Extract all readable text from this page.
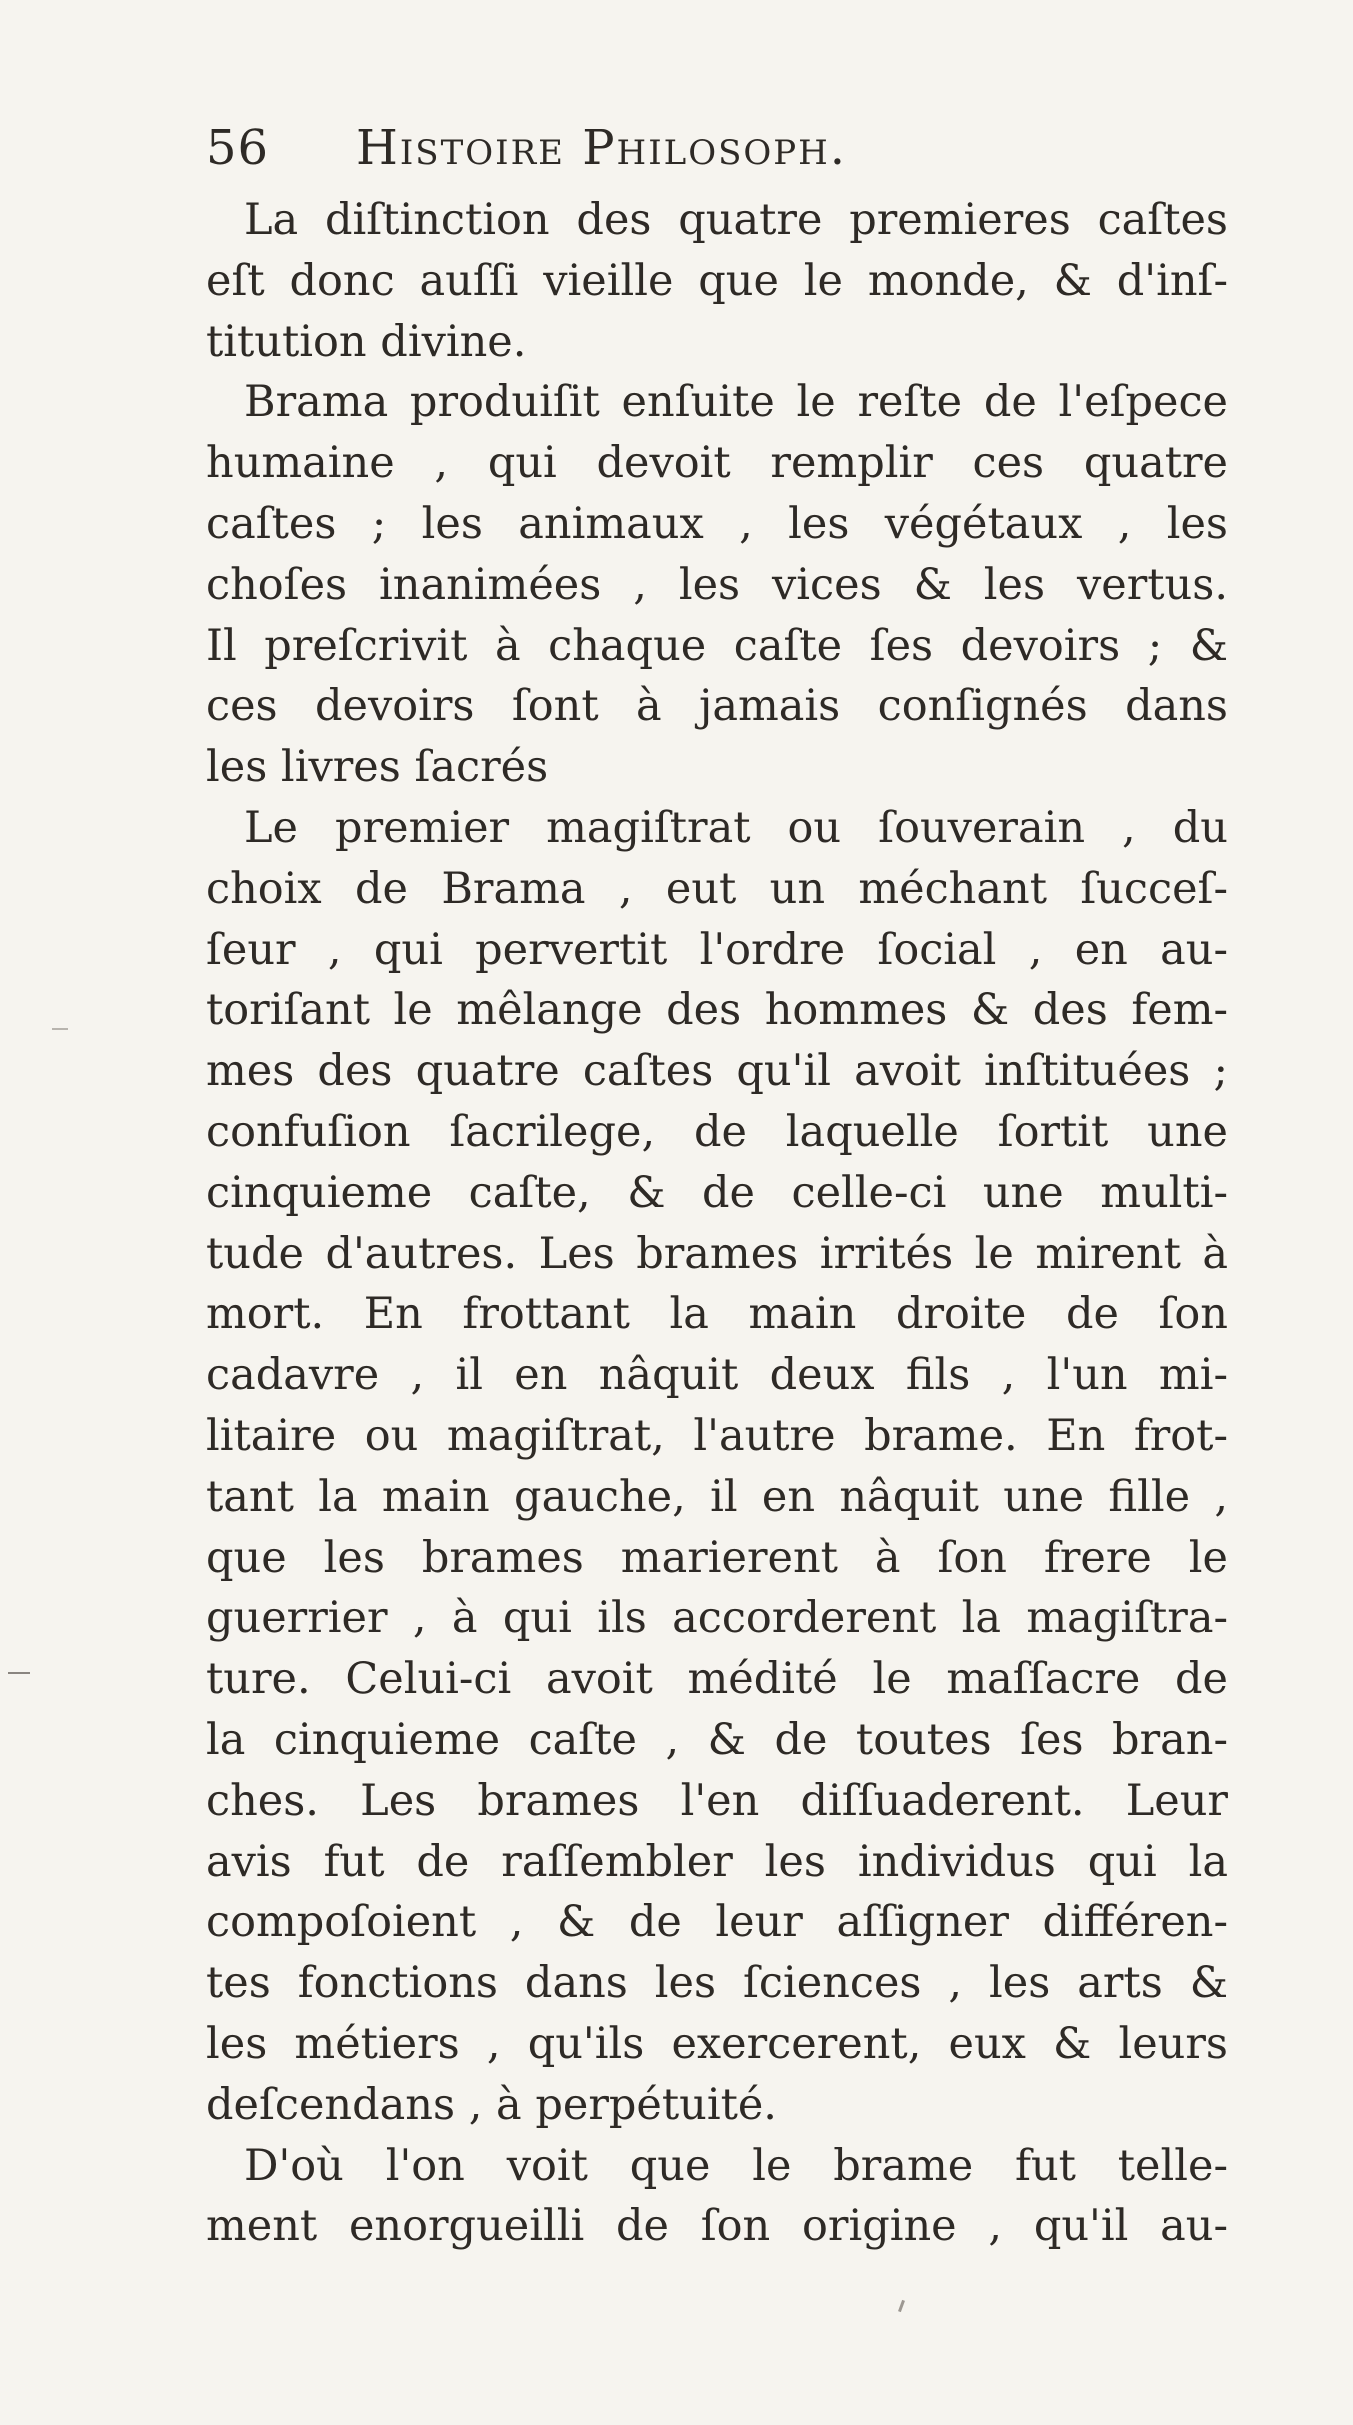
56 Histoire Philosoph.
La diſtinction des quatre premieres caſtes
eſt donc auſſi vieille que le monde, & d'inſ-
titution divine.
Brama produiſit enſuite le reſte de l'eſpece
humaine , qui devoit remplir ces quatre
caſtes ; les animaux , les végétaux , les
choſes inanimées , les vices & les vertus.
Il preſcrivit à chaque caſte ſes devoirs ; &
ces devoirs ſont à jamais conſignés dans
les livres ſacrés
Le premier magiſtrat ou ſouverain , du
choix de Brama , eut un méchant ſucceſ-
ſeur , qui pervertit l'ordre ſocial , en au-
toriſant le mêlange des hommes & des fem-
mes des quatre caſtes qu'il avoit inſtituées ;
confuſion ſacrilege, de laquelle ſortit une
cinquieme caſte, & de celle-ci une multi-
tude d'autres. Les brames irrités le mirent à
mort. En frottant la main droite de ſon
cadavre , il en nâquit deux fils , l'un mi-
litaire ou magiſtrat, l'autre brame. En frot-
tant la main gauche, il en nâquit une fille ,
que les brames marierent à ſon frere le
guerrier , à qui ils accorderent la magiſtra-
ture. Celui-ci avoit médité le maſſacre de
la cinquieme caſte , & de toutes ſes bran-
ches. Les brames l'en diſſuaderent. Leur
avis fut de raſſembler les individus qui la
compoſoient , & de leur aſſigner différen-
tes fonctions dans les ſciences , les arts &
les métiers , qu'ils exercerent, eux & leurs
deſcendans , à perpétuité.
D'où l'on voit que le brame fut telle-
ment enorgueilli de ſon origine , qu'il au-
